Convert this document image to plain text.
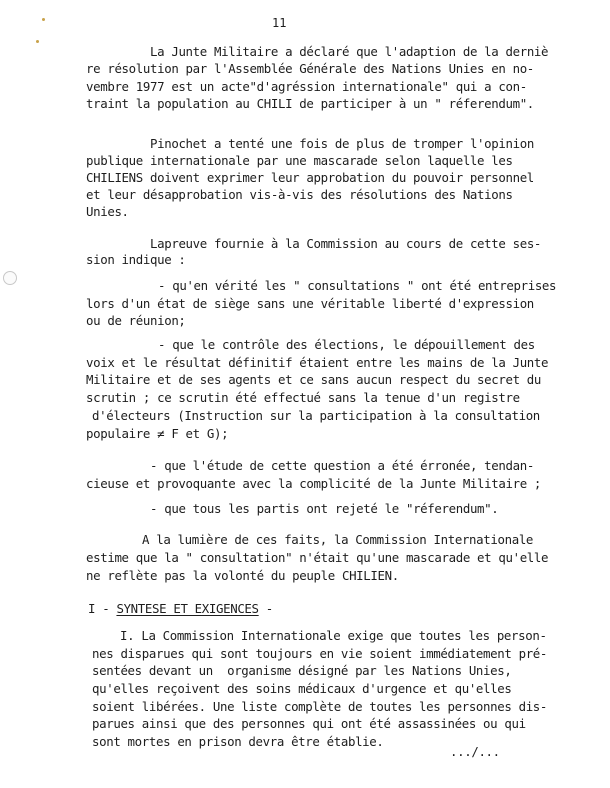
11
La Junte Militaire a déclaré que l'adaption de la derniè
re résolution par l'Assemblée Générale des Nations Unies en no-
vembre 1977 est un acte"d'agréssion internationale" qui a con-
traint la population au CHILI de participer à un " réferendum".
Pinochet a tenté une fois de plus de tromper l'opinion
publique internationale par une mascarade selon laquelle les
CHILIENS doivent exprimer leur approbation du pouvoir personnel
et leur désapprobation vis-à-vis des résolutions des Nations
Unies.
Lapreuve fournie à la Commission au cours de cette ses-
sion indique :
- qu'en vérité les " consultations " ont été entreprises
lors d'un état de siège sans une véritable liberté d'expression
ou de réunion;
- que le contrôle des élections, le dépouillement des
voix et le résultat définitif étaient entre les mains de la Junte
Militaire et de ses agents et ce sans aucun respect du secret du
scrutin ; ce scrutin été effectué sans la tenue d'un registre
d'électeurs (Instruction sur la participation à la consultation
populaire ≠ F et G);
- que l'étude de cette question a été érronée, tendan-
cieuse et provoquante avec la complicité de la Junte Militaire ;
- que tous les partis ont rejeté le "réferendum".
A la lumière de ces faits, la Commission Internationale
estime que la " consultation" n'était qu'une mascarade et qu'elle
ne reflète pas la volonté du peuple CHILIEN.
I - SYNTESE ET EXIGENCES -
I. La Commission Internationale exige que toutes les person-
nes disparues qui sont toujours en vie soient immédiatement pré-
sentées devant un  organisme désigné par les Nations Unies,
qu'elles reçoivent des soins médicaux d'urgence et qu'elles
soient libérées. Une liste complète de toutes les personnes dis-
parues ainsi que des personnes qui ont été assassinées ou qui
sont mortes en prison devra être établie.
.../...
